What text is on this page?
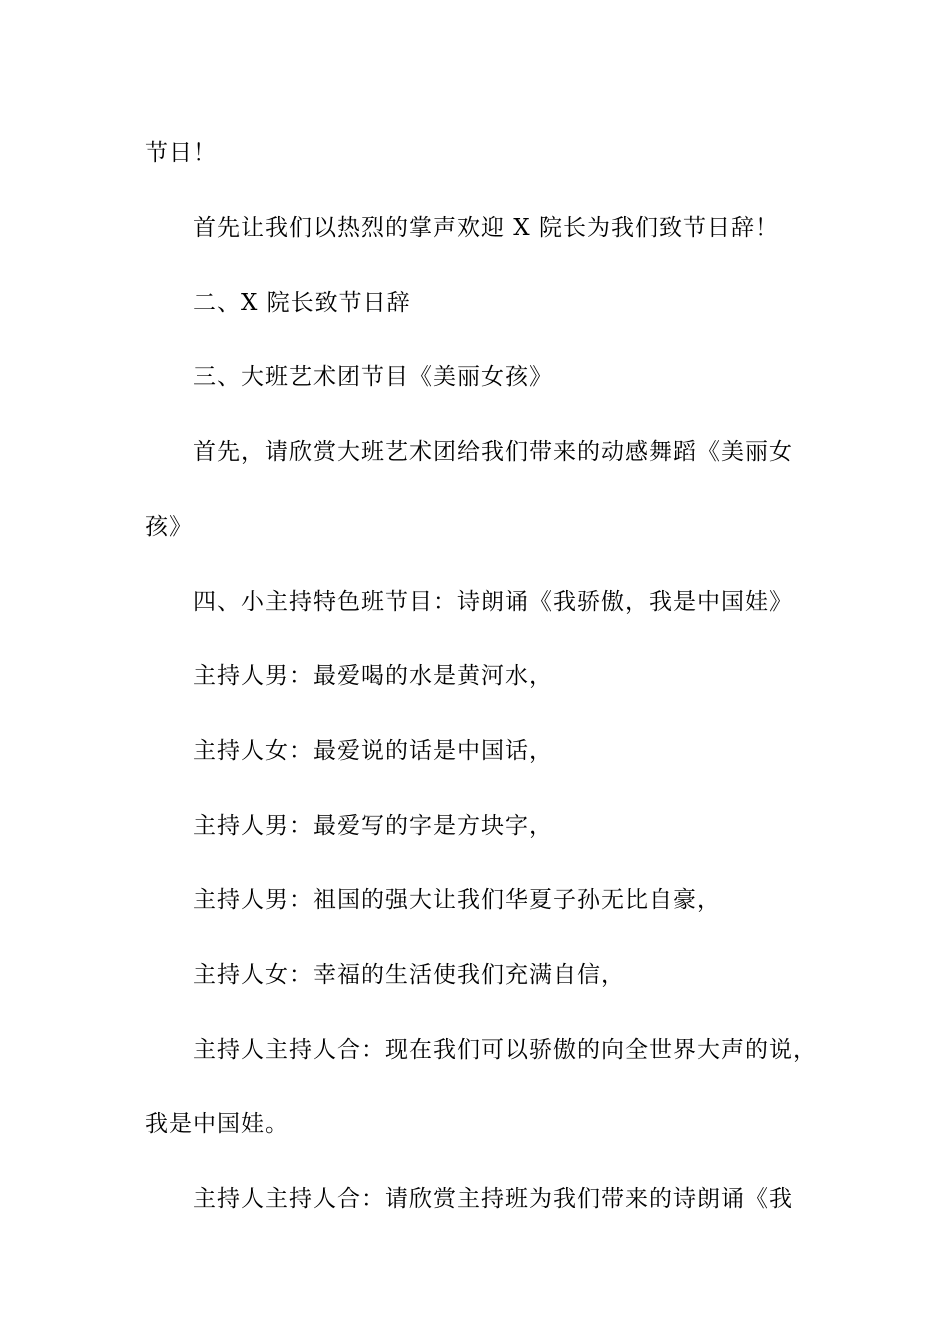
节日！
首先让我们以热烈的掌声欢迎 X 院长为我们致节日辞！
二、X 院长致节日辞
三、大班艺术团节目《美丽女孩》
首先，请欣赏大班艺术团给我们带来的动感舞蹈《美丽女
孩》
四、小主持特色班节目：诗朗诵《我骄傲，我是中国娃》
主持人男：最爱喝的水是黄河水，
主持人女：最爱说的话是中国话，
主持人男：最爱写的字是方块字，
主持人男：祖国的强大让我们华夏子孙无比自豪，
主持人女：幸福的生活使我们充满自信，
主持人主持人合：现在我们可以骄傲的向全世界大声的说，
我是中国娃。
主持人主持人合：请欣赏主持班为我们带来的诗朗诵《我
